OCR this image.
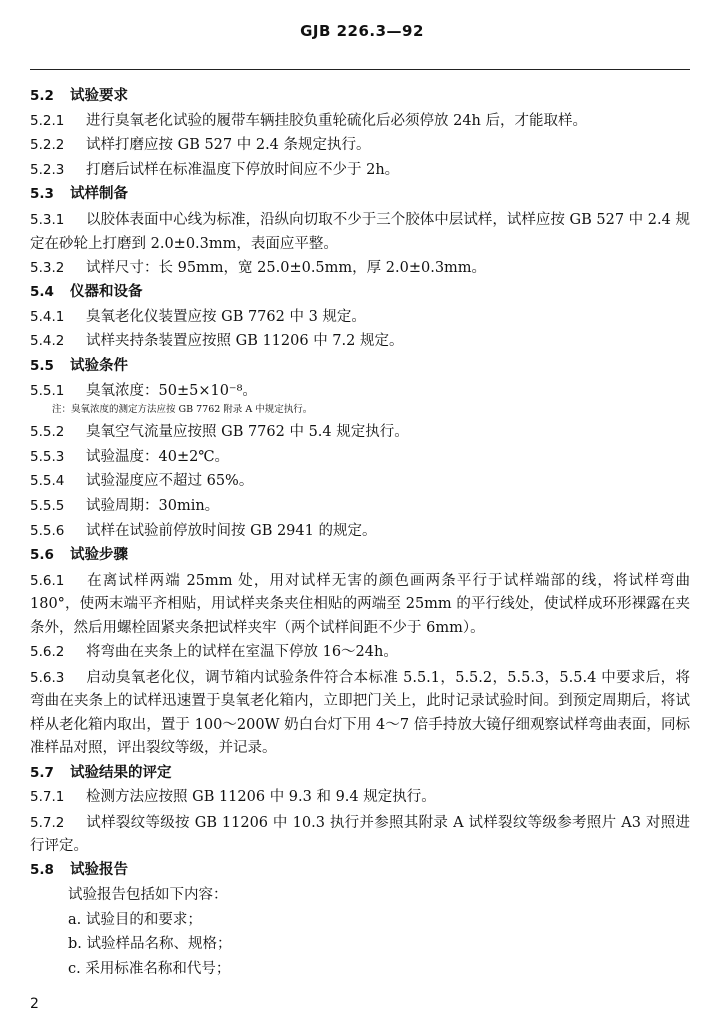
GJB 226.3—92
5.2 试验要求
5.2.1 进行臭氧老化试验的履带车辆挂胶负重轮硫化后必须停放 24h 后，才能取样。
5.2.2 试样打磨应按 GB 527 中 2.4 条规定执行。
5.2.3 打磨后试样在标准温度下停放时间应不少于 2h。
5.3 试样制备
5.3.1 以胶体表面中心线为标准，沿纵向切取不少于三个胶体中层试样，试样应按 GB 527 中 2.4 规定在砂轮上打磨到 2.0±0.3mm，表面应平整。
5.3.2 试样尺寸：长 95mm，宽 25.0±0.5mm，厚 2.0±0.3mm。
5.4 仪器和设备
5.4.1 臭氧老化仪装置应按 GB 7762 中 3 规定。
5.4.2 试样夹持条装置应按照 GB 11206 中 7.2 规定。
5.5 试验条件
5.5.1 臭氧浓度：50±5×10⁻⁸。
注：臭氧浓度的测定方法应按 GB 7762 附录 A 中规定执行。
5.5.2 臭氧空气流量应按照 GB 7762 中 5.4 规定执行。
5.5.3 试验温度：40±2℃。
5.5.4 试验湿度应不超过 65%。
5.5.5 试验周期：30min。
5.5.6 试样在试验前停放时间按 GB 2941 的规定。
5.6 试验步骤
5.6.1 在离试样两端 25mm 处，用对试样无害的颜色画两条平行于试样端部的线，将试样弯曲 180°，使两末端平齐相贴，用试样夹条夹住相贴的两端至 25mm 的平行线处，使试样成环形裸露在夹条外，然后用螺栓固紧夹条把试样夹牢（两个试样间距不少于 6mm）。
5.6.2 将弯曲在夹条上的试样在室温下停放 16～24h。
5.6.3 启动臭氧老化仪，调节箱内试验条件符合本标准 5.5.1，5.5.2，5.5.3，5.5.4 中要求后，将弯曲在夹条上的试样迅速置于臭氧老化箱内，立即把门关上，此时记录试验时间。到预定周期后，将试样从老化箱内取出，置于 100～200W 奶白台灯下用 4～7 倍手持放大镜仔细观察试样弯曲表面，同标准样品对照，评出裂纹等级，并记录。
5.7 试验结果的评定
5.7.1 检测方法应按照 GB 11206 中 9.3 和 9.4 规定执行。
5.7.2 试样裂纹等级按 GB 11206 中 10.3 执行并参照其附录 A 试样裂纹等级参考照片 A3 对照进行评定。
5.8 试验报告
试验报告包括如下内容：
a. 试验目的和要求；
b. 试验样品名称、规格；
c. 采用标准名称和代号；
2
